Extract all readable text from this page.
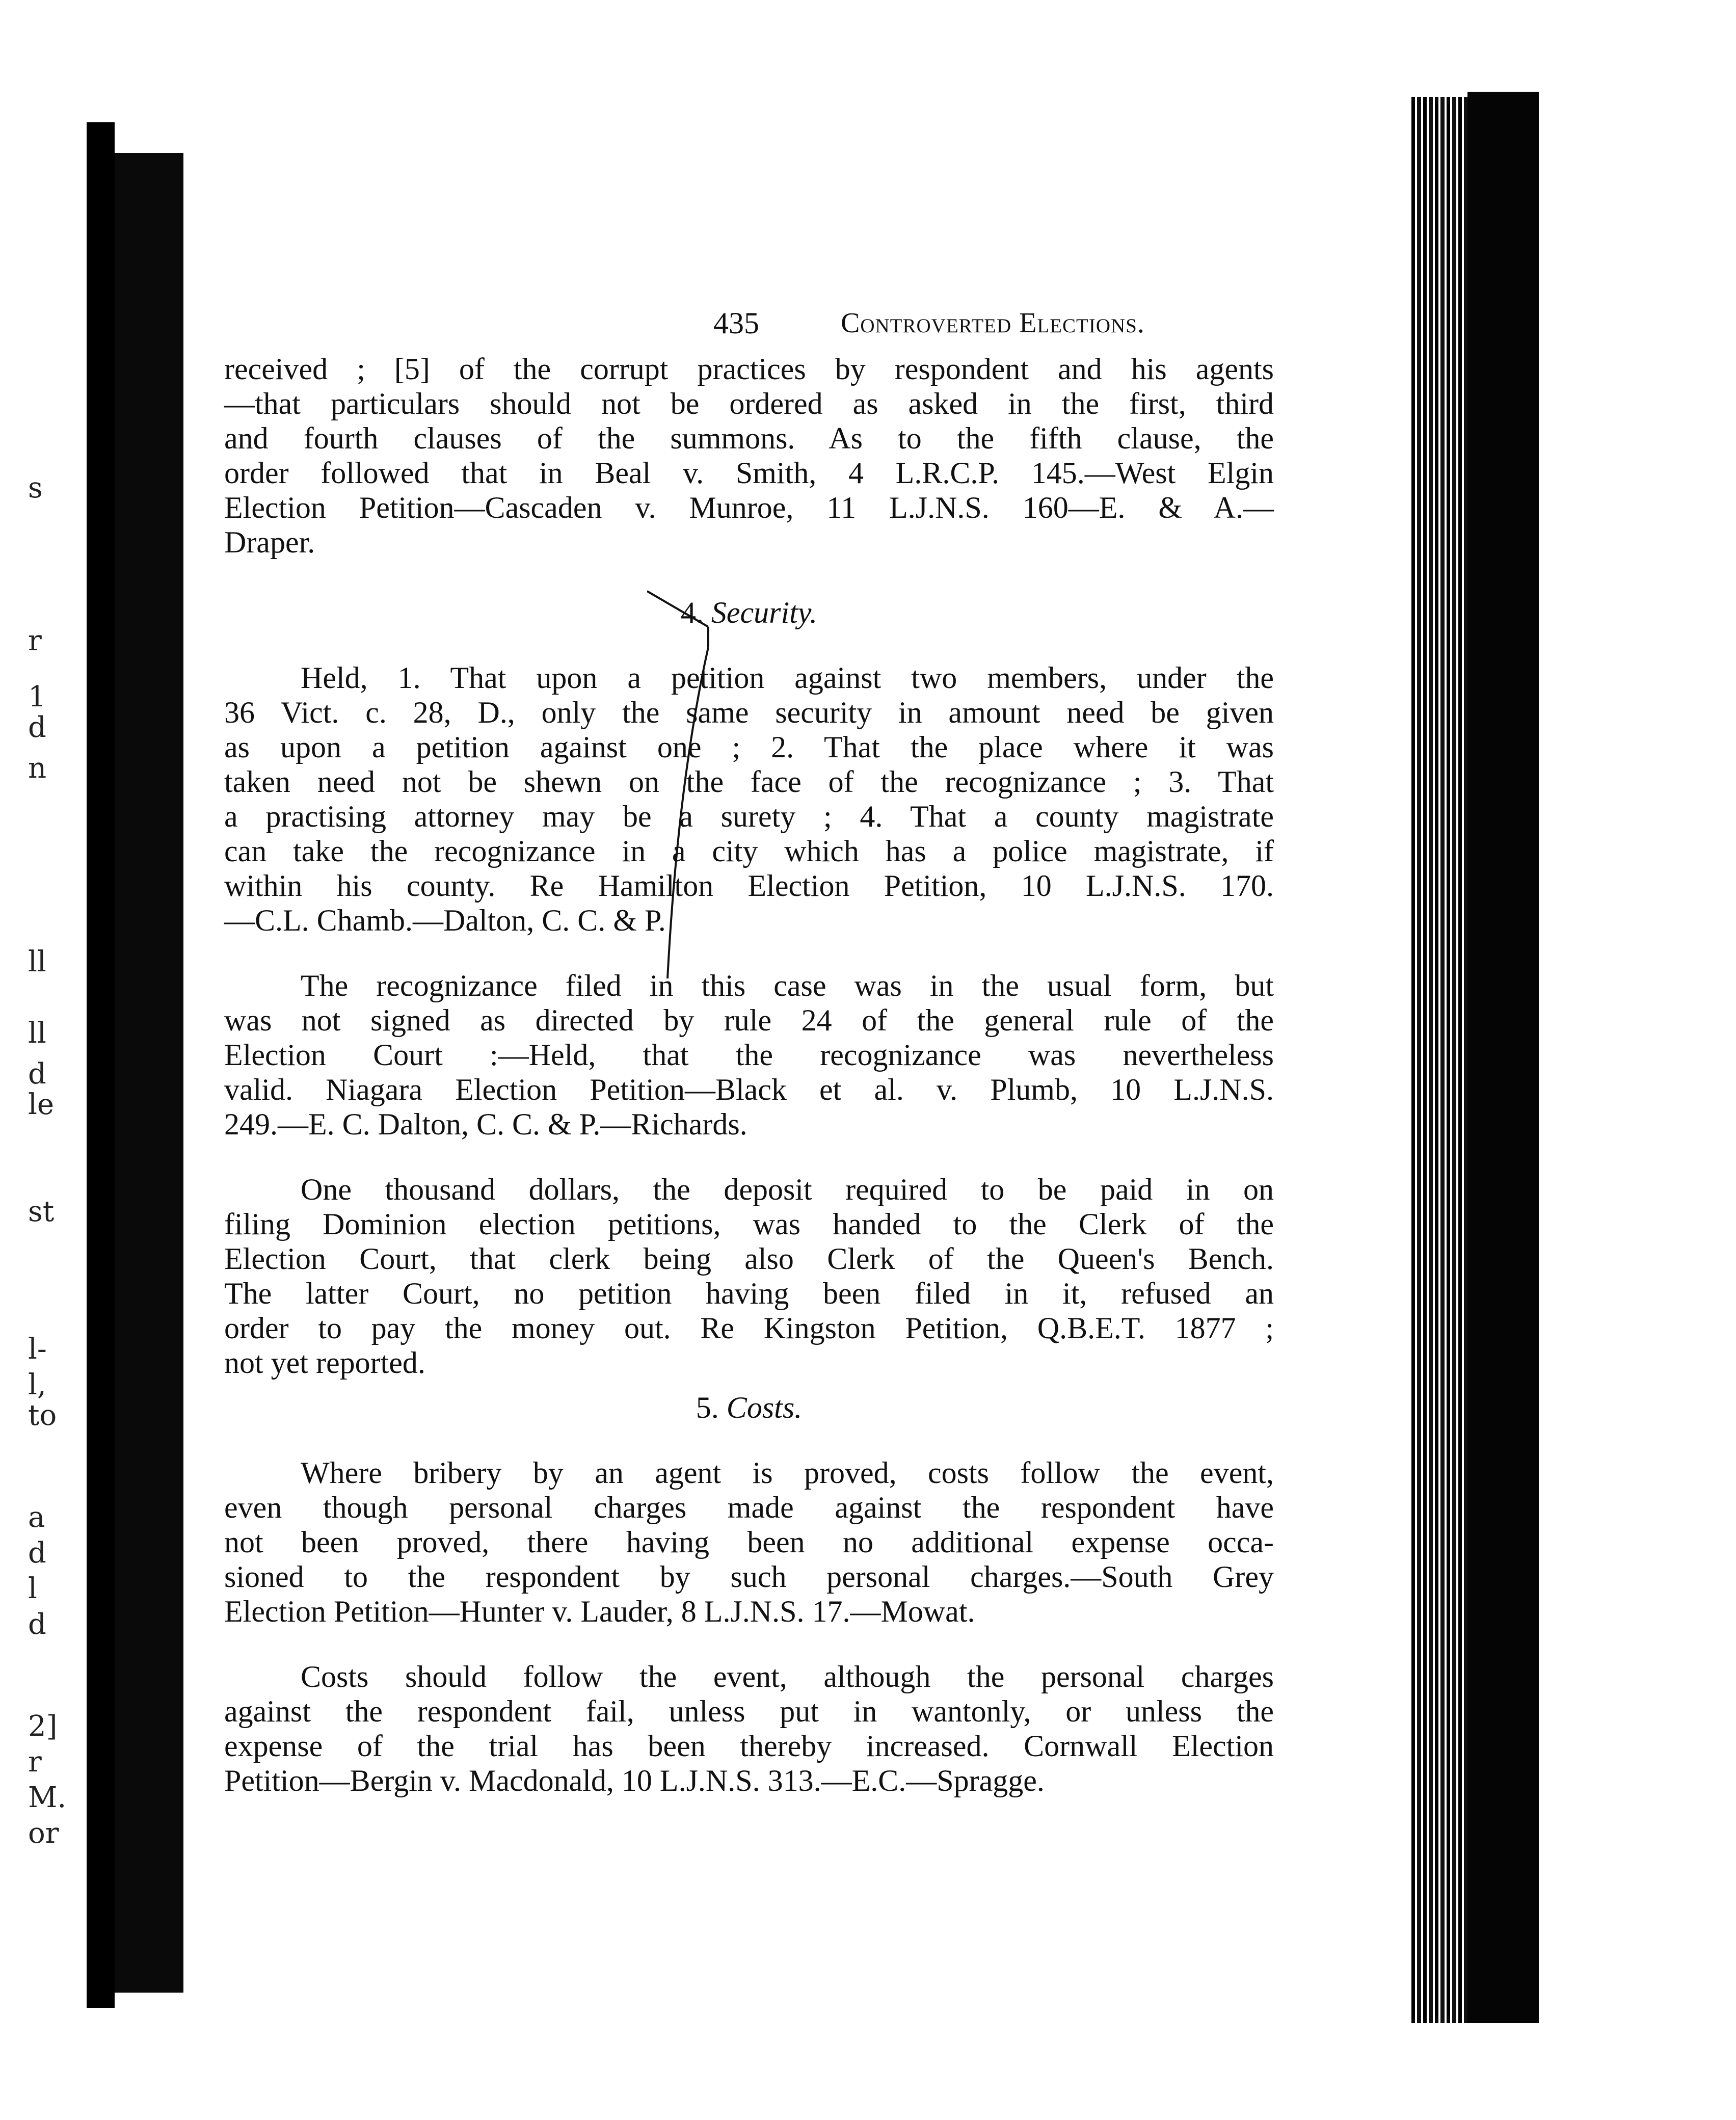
s
r
1
d
n
ll
ll
d
le
st
l-
l,
to
a
d
l
d
2]
r
M.
or
435	Controverted Elections.
received ; [5] of the corrupt practices by respondent and his agents
—that particulars should not be ordered as asked in the first, third
and fourth clauses of the summons. As to the fifth clause, the
order followed that in Beal v. Smith, 4 L.R.C.P. 145.—West Elgin
Election Petition—Cascaden v. Munroe, 11 L.J.N.S. 160—E. & A.—
Draper.
4. Security.
Held, 1. That upon a petition against two members, under the
36 Vict. c. 28, D., only the same security in amount need be given
as upon a petition against one ; 2. That the place where it was
taken need not be shewn on the face of the recognizance ; 3. That
a practising attorney may be a surety ; 4. That a county magistrate
can take the recognizance in a city which has a police magistrate, if
within his county. Re Hamilton Election Petition, 10 L.J.N.S. 170.
—C.L. Chamb.—Dalton, C. C. & P.
The recognizance filed in this case was in the usual form, but
was not signed as directed by rule 24 of the general rule of the
Election Court :—Held, that the recognizance was nevertheless
valid. Niagara Election Petition—Black et al. v. Plumb, 10 L.J.N.S.
249.—E. C. Dalton, C. C. & P.—Richards.
One thousand dollars, the deposit required to be paid in on
filing Dominion election petitions, was handed to the Clerk of the
Election Court, that clerk being also Clerk of the Queen's Bench.
The latter Court, no petition having been filed in it, refused an
order to pay the money out. Re Kingston Petition, Q.B.E.T. 1877 ;
not yet reported.
5. Costs.
Where bribery by an agent is proved, costs follow the event,
even though personal charges made against the respondent have
not been proved, there having been no additional expense occa-
sioned to the respondent by such personal charges.—South Grey
Election Petition—Hunter v. Lauder, 8 L.J.N.S. 17.—Mowat.
Costs should follow the event, although the personal charges
against the respondent fail, unless put in wantonly, or unless the
expense of the trial has been thereby increased. Cornwall Election
Petition—Bergin v. Macdonald, 10 L.J.N.S. 313.—E.C.—Spragge.
